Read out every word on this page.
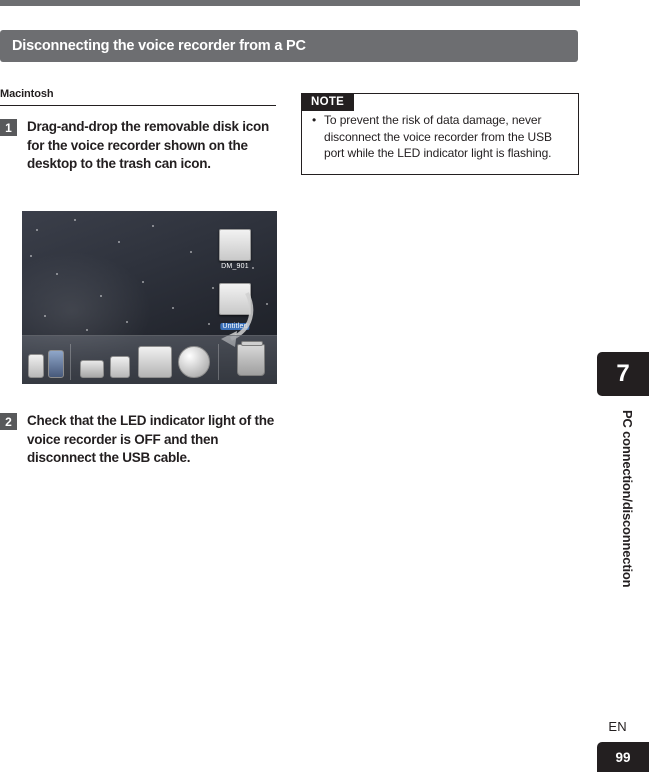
Disconnecting the voice recorder from a PC
Macintosh
1	Drag-and-drop the removable disk icon for the voice recorder shown on the desktop to the trash can icon.
DM_901
Untitled
2	Check that the LED indicator light of the voice recorder is OFF and then disconnect the USB cable.
NOTE
• To prevent the risk of data damage, never disconnect the voice recorder from the USB port while the LED indicator light is flashing.
7
PC connection/disconnection
EN
99
